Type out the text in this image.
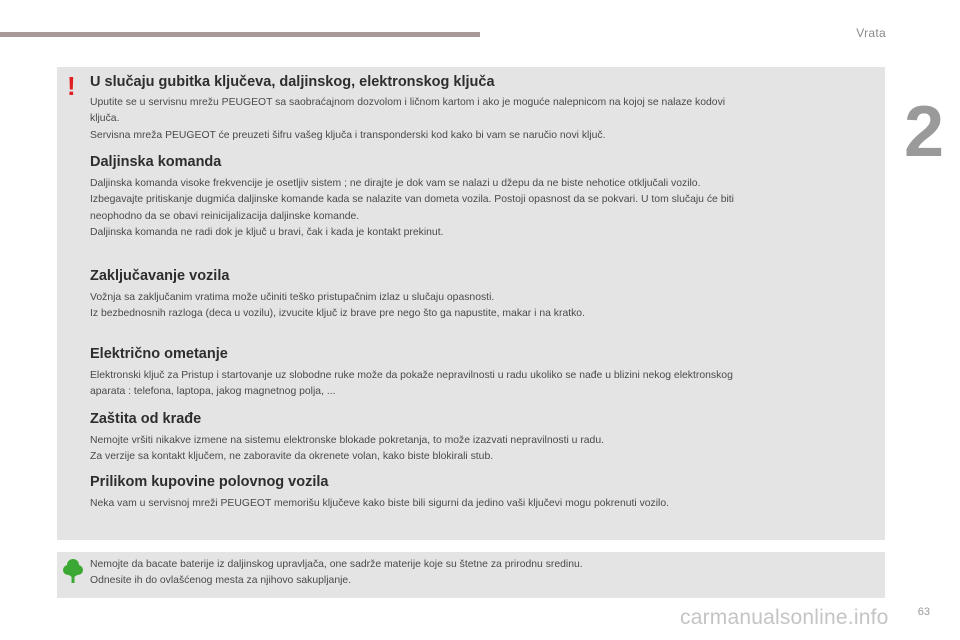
Vrata
2
! U slučaju gubitka ključeva, daljinskog, elektronskog ključa

Uputite se u servisnu mrežu PEUGEOT sa saobraćajnom dozvolom i ličnom kartom i ako je moguće nalepnicom na kojoj se nalaze kodovi
ključa.
Servisna mreža PEUGEOT će preuzeti šifru vašeg ključa i transponderski kod kako bi vam se naručio novi ključ.

Daljinska komanda

Daljinska komanda visoke frekvencije je osetljiv sistem ; ne dirajte je dok vam se nalazi u džepu da ne biste nehotice otključali vozilo.
Izbegavajte pritiskanje dugmića daljinske komande kada se nalazite van dometa vozila. Postoji opasnost da se pokvari. U tom slučaju će biti
neophodno da se obavi reinicijalizacija daljinske komande.
Daljinska komanda ne radi dok je ključ u bravi, čak i kada je kontakt prekinut.

Zaključavanje vozila

Vožnja sa zaključanim vratima može učiniti teško pristupačnim izlaz u slučaju opasnosti.
Iz bezbednosnih razloga (deca u vozilu), izvucite ključ iz brave pre nego što ga napustite, makar i na kratko.

Električno ometanje

Elektronski ključ za Pristup i startovanje uz slobodne ruke može da pokaže nepravilnosti u radu ukoliko se nađe u blizini nekog elektronskog
aparata : telefona, laptopa, jakog magnetnog polja, ...

Zaštita od krađe

Nemojte vršiti nikakve izmene na sistemu elektronske blokade pokretanja, to može izazvati nepravilnosti u radu.
Za verzije sa kontakt ključem, ne zaboravite da okrenete volan, kako biste blokirali stub.

Prilikom kupovine polovnog vozila

Neka vam u servisnoj mreži PEUGEOT memorišu ključeve kako biste bili sigurni da jedino vaši ključevi mogu pokrenuti vozilo.

Nemojte da bacate baterije iz daljinskog upravljača, one sadrže materije koje su štetne za prirodnu sredinu.
Odnesite ih do ovlašćenog mesta za njihovo sakupljanje.
carmanualsonline.info	63
